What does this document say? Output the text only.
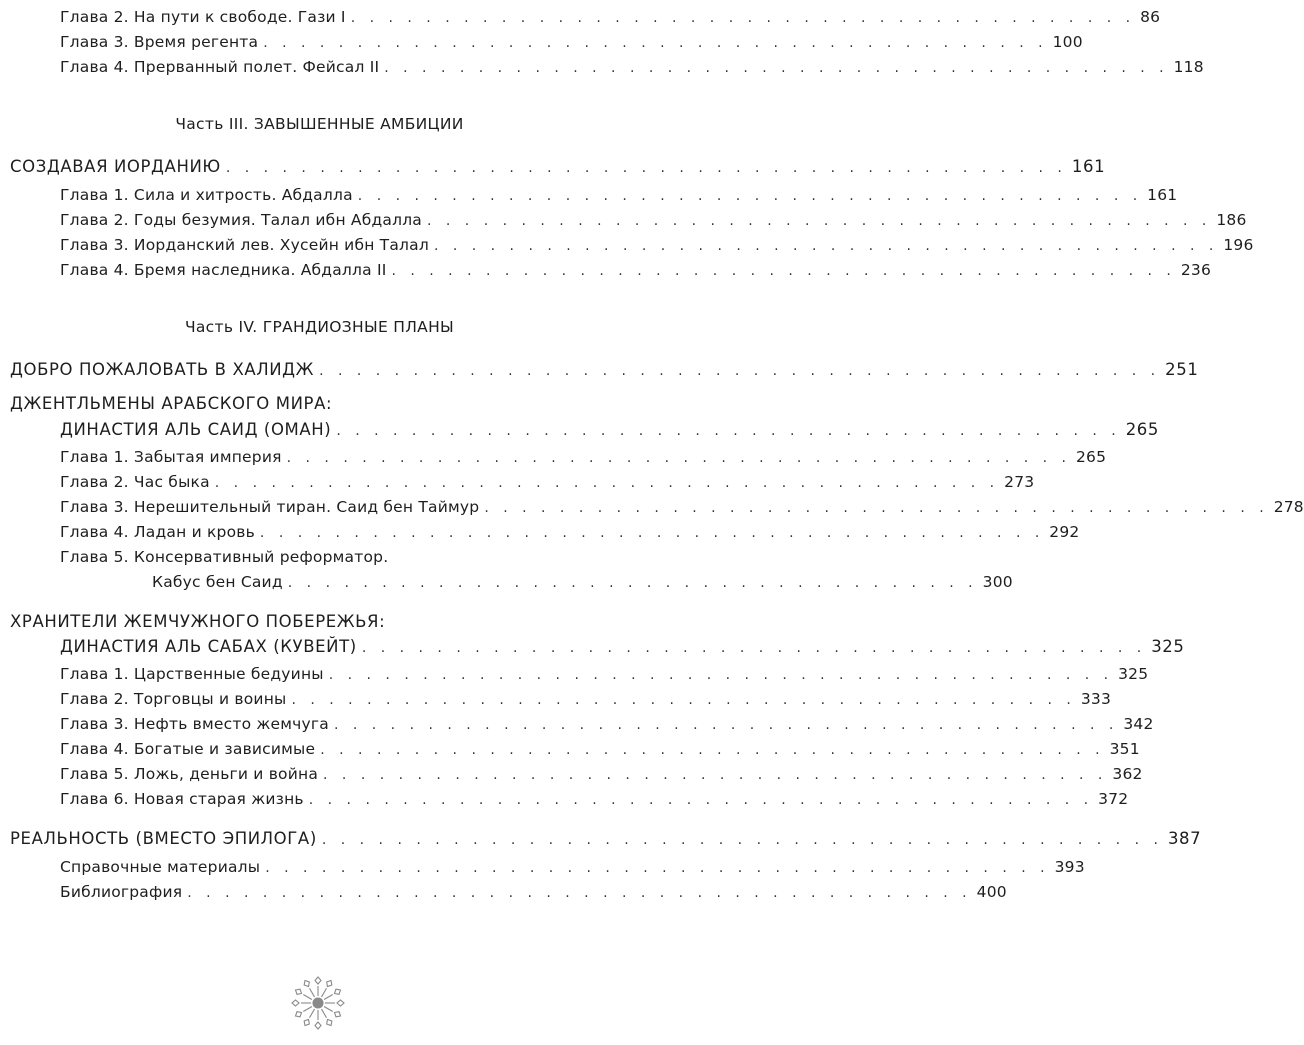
Глава 2. На пути к свободе. Гази I . . . . . . . . . . . . . . . . . . . . . . . . . . . . . . . . . . . . . . . . . . 86
Глава 3. Время регента . . . . . . . . . . . . . . . . . . . . . . . . . . . . . . . . . . . . . . . . . . 100
Глава 4. Прерванный полет. Фейсал II . . . . . . . . . . . . . . . . . . . . . . . . . . . . . . . . . . . . . . . . . . 118
Часть III. ЗАВЫШЕННЫЕ АМБИЦИИ
СОЗДАВАЯ ИОРДАНИЮ . . . . . . . . . . . . . . . . . . . . . . . . . . . . . . . . . . . . . . . . . . . . . 161
Глава 1. Сила и хитрость. Абдалла . . . . . . . . . . . . . . . . . . . . . . . . . . . . . . . . . . . . . . . . . . 161
Глава 2. Годы безумия. Талал ибн Абдалла . . . . . . . . . . . . . . . . . . . . . . . . . . . . . . . . . . . . . . . . . . 186
Глава 3. Иорданский лев. Хусейн ибн Талал . . . . . . . . . . . . . . . . . . . . . . . . . . . . . . . . . . . . . . . . . . 196
Глава 4. Бремя наследника. Абдалла II . . . . . . . . . . . . . . . . . . . . . . . . . . . . . . . . . . . . . . . . . . 236
Часть IV. ГРАНДИОЗНЫЕ ПЛАНЫ
ДОБРО ПОЖАЛОВАТЬ В ХАЛИДЖ . . . . . . . . . . . . . . . . . . . . . . . . . . . . . . . . . . . . . . . . . . . . . 251
ДЖЕНТЛЬМЕНЫ АРАБСКОГО МИРА:
ДИНАСТИЯ АЛЬ САИД (ОМАН) . . . . . . . . . . . . . . . . . . . . . . . . . . . . . . . . . . . . . . . . . . 265
Глава 1. Забытая империя . . . . . . . . . . . . . . . . . . . . . . . . . . . . . . . . . . . . . . . . . . 265
Глава 2. Час быка . . . . . . . . . . . . . . . . . . . . . . . . . . . . . . . . . . . . . . . . . . 273
Глава 3. Нерешительный тиран. Саид бен Таймур . . . . . . . . . . . . . . . . . . . . . . . . . . . . . . . . . . . . . . . . . . 278
Глава 4. Ладан и кровь . . . . . . . . . . . . . . . . . . . . . . . . . . . . . . . . . . . . . . . . . . 292
Глава 5. Консервативный реформатор.
Кабус бен Саид . . . . . . . . . . . . . . . . . . . . . . . . . . . . . . . . . . . . . 300
ХРАНИТЕЛИ ЖЕМЧУЖНОГО ПОБЕРЕЖЬЯ:
ДИНАСТИЯ АЛЬ САБАХ (КУВЕЙТ) . . . . . . . . . . . . . . . . . . . . . . . . . . . . . . . . . . . . . . . . . . 325
Глава 1. Царственные бедуины . . . . . . . . . . . . . . . . . . . . . . . . . . . . . . . . . . . . . . . . . . 325
Глава 2. Торговцы и воины . . . . . . . . . . . . . . . . . . . . . . . . . . . . . . . . . . . . . . . . . . 333
Глава 3. Нефть вместо жемчуга . . . . . . . . . . . . . . . . . . . . . . . . . . . . . . . . . . . . . . . . . . 342
Глава 4. Богатые и зависимые . . . . . . . . . . . . . . . . . . . . . . . . . . . . . . . . . . . . . . . . . . 351
Глава 5. Ложь, деньги и война . . . . . . . . . . . . . . . . . . . . . . . . . . . . . . . . . . . . . . . . . . 362
Глава 6. Новая старая жизнь . . . . . . . . . . . . . . . . . . . . . . . . . . . . . . . . . . . . . . . . . . 372
РЕАЛЬНОСТЬ (ВМЕСТО ЭПИЛОГА) . . . . . . . . . . . . . . . . . . . . . . . . . . . . . . . . . . . . . . . . . . . . . 387
Справочные материалы . . . . . . . . . . . . . . . . . . . . . . . . . . . . . . . . . . . . . . . . . . 393
Библиография . . . . . . . . . . . . . . . . . . . . . . . . . . . . . . . . . . . . . . . . . . 400
